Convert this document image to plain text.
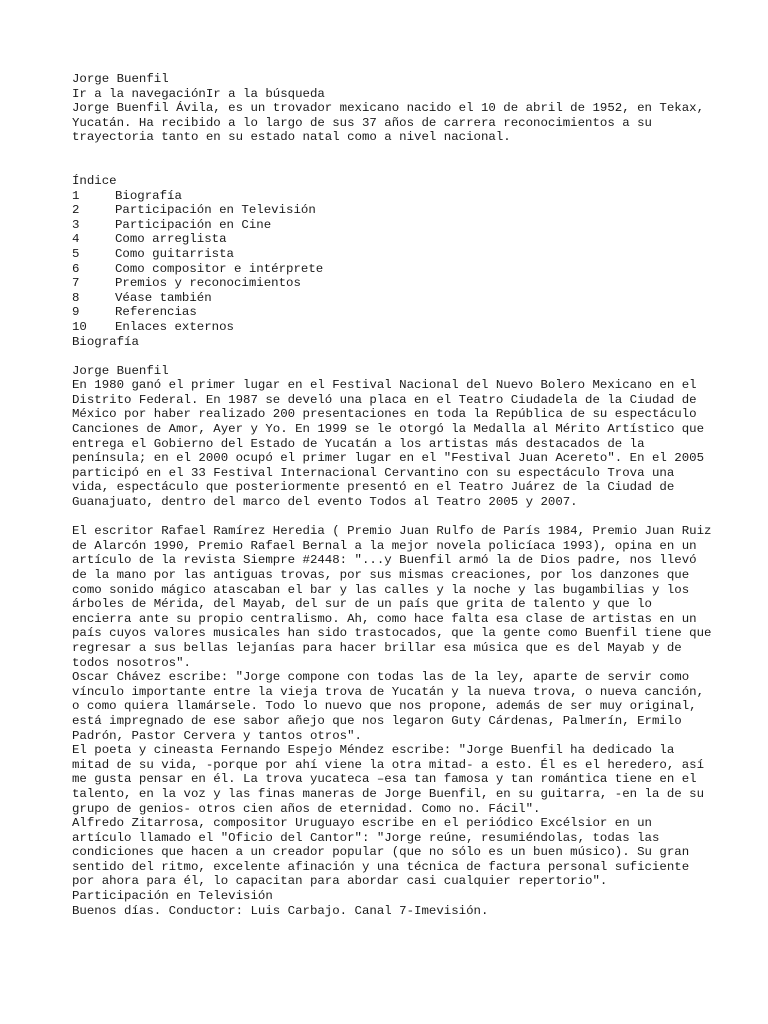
Jorge Buenfil
Ir a la navegaciónIr a la búsqueda
Jorge Buenfil Ávila, es un trovador mexicano nacido el 10 de abril de 1952, en Tekax, Yucatán. Ha recibido a lo largo de sus 37 años de carrera reconocimientos a su trayectoria tanto en su estado natal como a nivel nacional.
Índice
1	Biografía
2	Participación en Televisión
3	Participación en Cine
4	Como arreglista
5	Como guitarrista
6	Como compositor e intérprete
7	Premios y reconocimientos
8	Véase también
9	Referencias
10	Enlaces externos
Biografía
Jorge Buenfil
En 1980 ganó el primer lugar en el Festival Nacional del Nuevo Bolero Mexicano en el Distrito Federal. En 1987 se develó una placa en el Teatro Ciudadela de la Ciudad de México por haber realizado 200 presentaciones en toda la República de su espectáculo Canciones de Amor, Ayer y Yo. En 1999 se le otorgó la Medalla al Mérito Artístico que entrega el Gobierno del Estado de Yucatán a los artistas más destacados de la península; en el 2000 ocupó el primer lugar en el "Festival Juan Acereto". En el 2005 participó en el 33 Festival Internacional Cervantino con su espectáculo Trova una vida, espectáculo que posteriormente presentó en el Teatro Juárez de la Ciudad de Guanajuato, dentro del marco del evento Todos al Teatro 2005 y 2007.
El escritor Rafael Ramírez Heredia ( Premio Juan Rulfo de París 1984, Premio Juan Ruiz de Alarcón 1990, Premio Rafael Bernal a la mejor novela policíaca 1993), opina en un artículo de la revista Siempre #2448: "...y Buenfil armó la de Dios padre, nos llevó de la mano por las antiguas trovas, por sus mismas creaciones, por los danzones que como sonido mágico atascaban el bar y las calles y la noche y las bugambilias y los árboles de Mérida, del Mayab, del sur de un país que grita de talento y que lo encierra ante su propio centralismo. Ah, como hace falta esa clase de artistas en un país cuyos valores musicales han sido trastocados, que la gente como Buenfil tiene que regresar a sus bellas lejanías para hacer brillar esa música que es del Mayab y de todos nosotros".
Oscar Chávez escribe: "Jorge compone con todas las de la ley, aparte de servir como vínculo importante entre la vieja trova de Yucatán y la nueva trova, o nueva canción, o como quiera llamársele. Todo lo nuevo que nos propone, además de ser muy original, está impregnado de ese sabor añejo que nos legaron Guty Cárdenas, Palmerín, Ermilo Padrón, Pastor Cervera y tantos otros".
El poeta y cineasta Fernando Espejo Méndez escribe: "Jorge Buenfil ha dedicado la mitad de su vida, -porque por ahí viene la otra mitad- a esto. Él es el heredero, así me gusta pensar en él. La trova yucateca –esa tan famosa y tan romántica tiene en el talento, en la voz y las finas maneras de Jorge Buenfil, en su guitarra, -en la de su grupo de genios- otros cien años de eternidad. Como no. Fácil".
Alfredo Zitarrosa, compositor Uruguayo escribe en el periódico Excélsior en un artículo llamado el "Oficio del Cantor": "Jorge reúne, resumiéndolas, todas las condiciones que hacen a un creador popular (que no sólo es un buen músico). Su gran sentido del ritmo, excelente afinación y una técnica de factura personal suficiente por ahora para él, lo capacitan para abordar casi cualquier repertorio".
Participación en Televisión
Buenos días. Conductor: Luis Carbajo. Canal 7-Imevisión.
